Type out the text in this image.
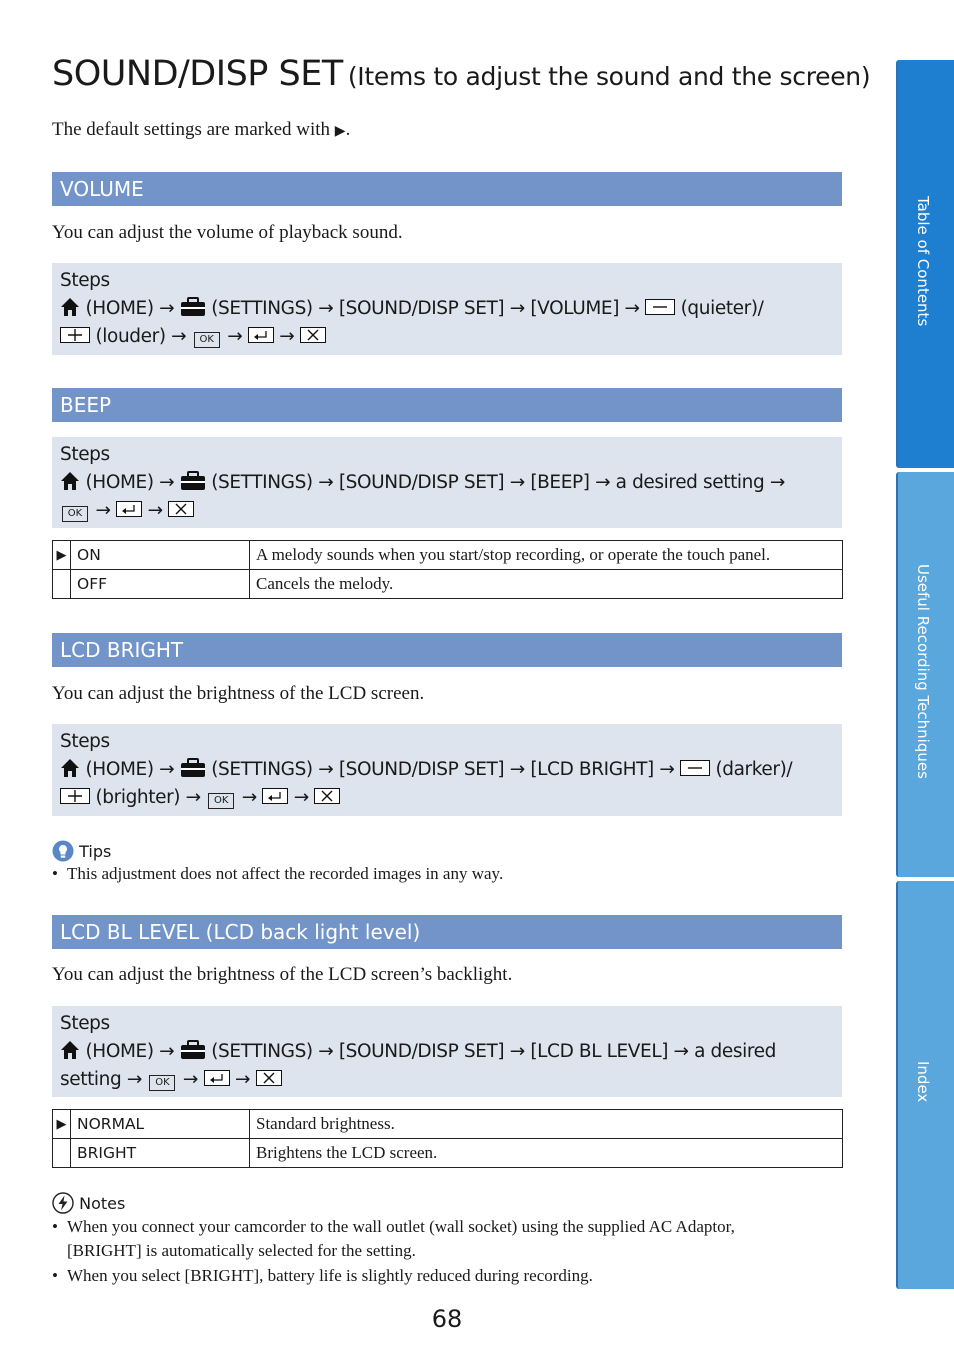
SOUND/DISP SET (Items to adjust the sound and the screen)
The default settings are marked with ▶.
VOLUME
You can adjust the volume of playback sound.
Steps
(HOME) → (SETTINGS) → [SOUND/DISP SET] → [VOLUME] → (quieter)/
(louder) → OK → →
BEEP
Steps
(HOME) → (SETTINGS) → [SOUND/DISP SET] → [BEEP] → a desired setting →
OK → →
▶	ON	A melody sounds when you start/stop recording, or operate the touch panel.
	OFF	Cancels the melody.
LCD BRIGHT
You can adjust the brightness of the LCD screen.
Steps
(HOME) → (SETTINGS) → [SOUND/DISP SET] → [LCD BRIGHT] → (darker)/
(brighter) → OK → →
Tips
• This adjustment does not affect the recorded images in any way.
LCD BL LEVEL (LCD back light level)
You can adjust the brightness of the LCD screen’s backlight.
Steps
(HOME) → (SETTINGS) → [SOUND/DISP SET] → [LCD BL LEVEL] → a desired
setting → OK → →
▶	NORMAL	Standard brightness.
	BRIGHT	Brightens the LCD screen.
Notes
• When you connect your camcorder to the wall outlet (wall socket) using the supplied AC Adaptor, [BRIGHT] is automatically selected for the setting.
• When you select [BRIGHT], battery life is slightly reduced during recording.
68
Table of Contents
Useful Recording Techniques
Index
